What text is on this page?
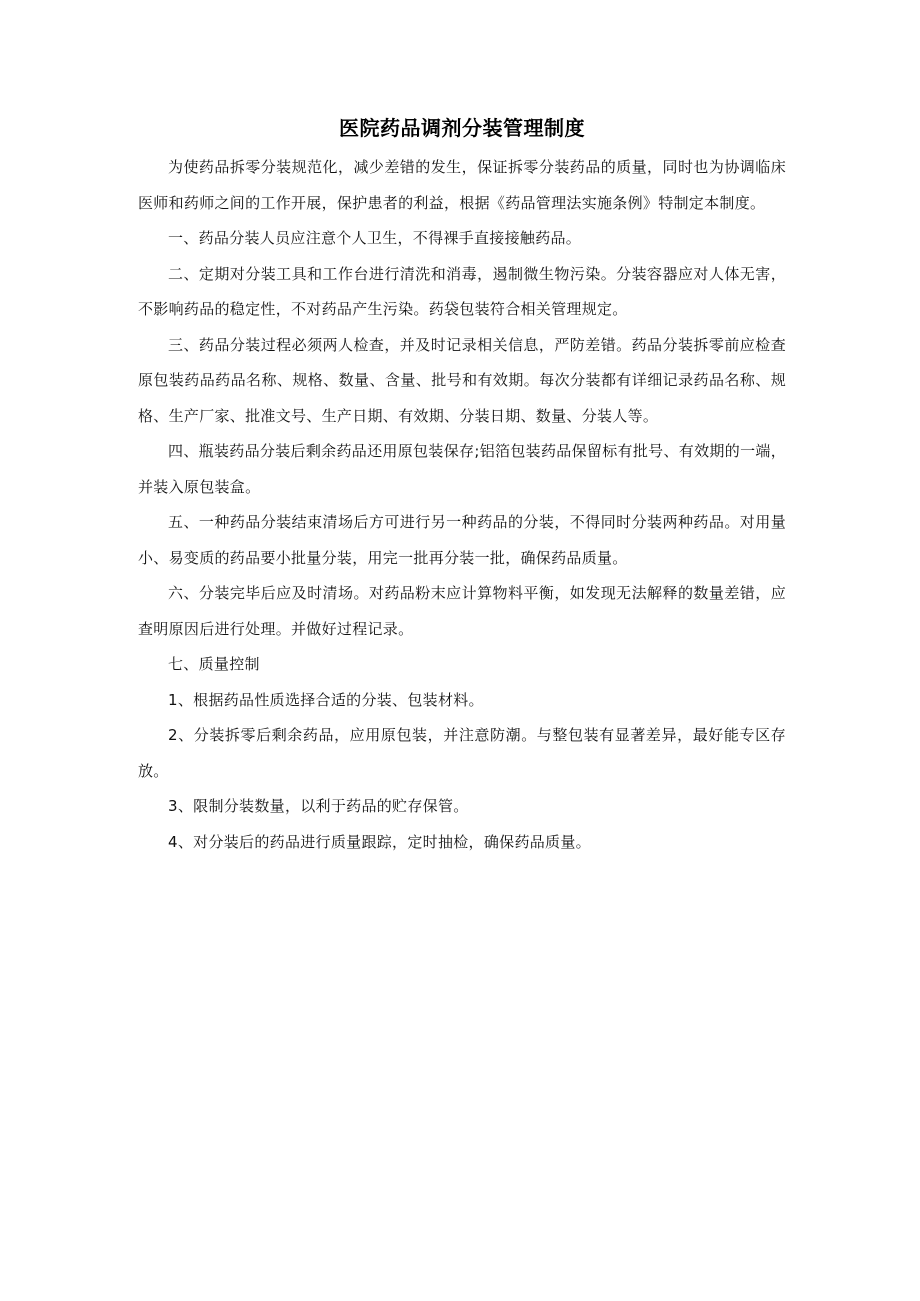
医院药品调剂分装管理制度

为使药品拆零分装规范化，减少差错的发生，保证拆零分装药品的质量，同时也为协调临床医师和药师之间的工作开展，保护患者的利益，根据《药品管理法实施条例》特制定本制度。

一、药品分装人员应注意个人卫生，不得裸手直接接触药品。

二、定期对分装工具和工作台进行清洗和消毒，遏制微生物污染。分装容器应对人体无害，不影响药品的稳定性，不对药品产生污染。药袋包装符合相关管理规定。

三、药品分装过程必须两人检查，并及时记录相关信息，严防差错。药品分装拆零前应检查原包装药品药品名称、规格、数量、含量、批号和有效期。每次分装都有详细记录药品名称、规格、生产厂家、批准文号、生产日期、有效期、分装日期、数量、分装人等。

四、瓶装药品分装后剩余药品还用原包装保存;铝箔包装药品保留标有批号、有效期的一端，并装入原包装盒。

五、一种药品分装结束清场后方可进行另一种药品的分装，不得同时分装两种药品。对用量小、易变质的药品要小批量分装，用完一批再分装一批，确保药品质量。

六、分装完毕后应及时清场。对药品粉末应计算物料平衡，如发现无法解释的数量差错，应查明原因后进行处理。并做好过程记录。

七、质量控制

1、根据药品性质选择合适的分装、包装材料。

2、分装拆零后剩余药品，应用原包装，并注意防潮。与整包装有显著差异，最好能专区存放。

3、限制分装数量，以利于药品的贮存保管。

4、对分装后的药品进行质量跟踪，定时抽检，确保药品质量。
